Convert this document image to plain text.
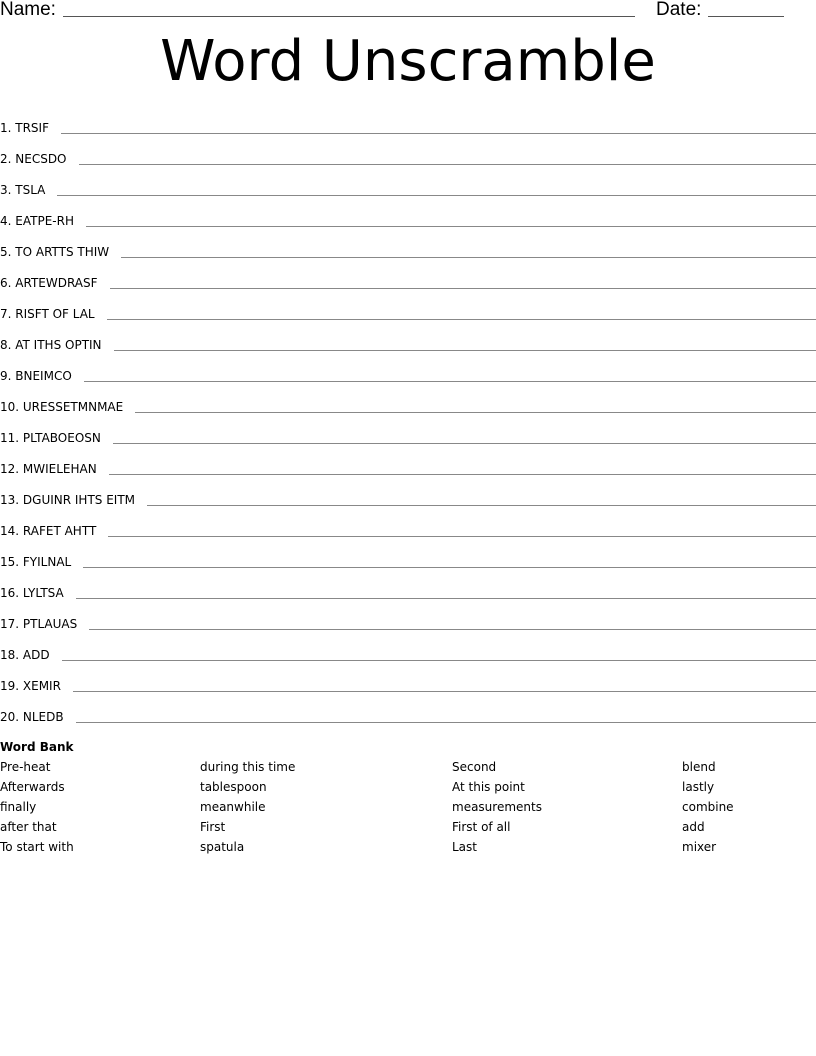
Name:	Date:
Word Unscramble
1. TRSIF
2. NECSDO
3. TSLA
4. EATPE-RH
5. TO ARTTS THIW
6. ARTEWDRASF
7. RISFT OF LAL
8. AT ITHS OPTIN
9. BNEIMCO
10. URESSETMNMAE
11. PLTABOEOSN
12. MWIELEHAN
13. DGUINR IHTS EITM
14. RAFET AHTT
15. FYILNAL
16. LYLTSA
17. PTLAUAS
18. ADD
19. XEMIR
20. NLEDB
Word Bank
Pre-heat	during this time	Second	blend
Afterwards	tablespoon	At this point	lastly
finally	meanwhile	measurements	combine
after that	First	First of all	add
To start with	spatula	Last	mixer
